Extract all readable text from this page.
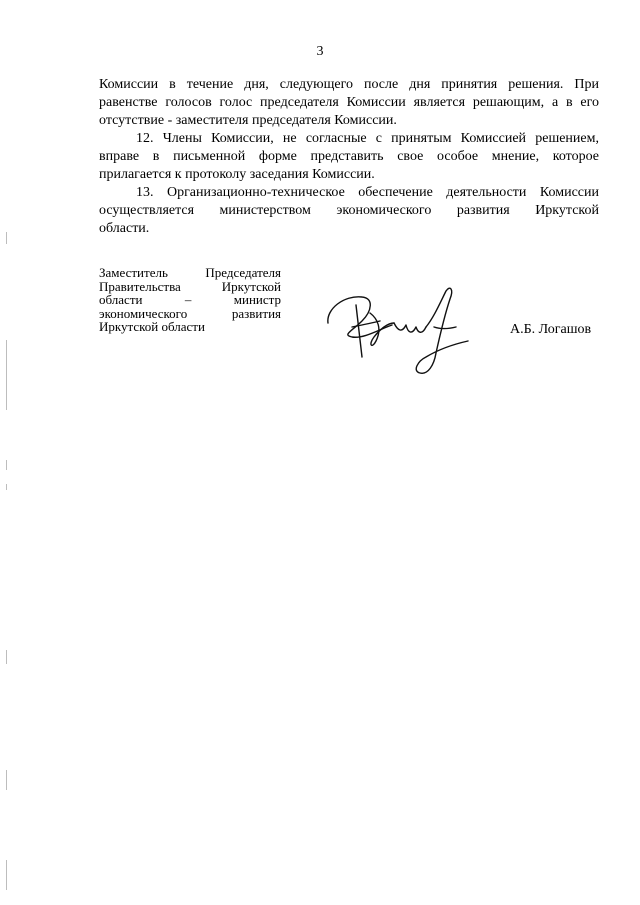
3

Комиссии в течение дня, следующего после дня принятия решения. При
равенстве голосов голос председателя Комиссии является решающим, а в его
отсутствие - заместителя председателя Комиссии.

12. Члены Комиссии, не согласные с принятым Комиссией решением,
вправе в письменной форме представить свое особое мнение, которое
прилагается к протоколу заседания Комиссии.

13. Организационно-техническое обеспечение деятельности Комиссии
осуществляется министерством экономического развития Иркутской
области.

Заместитель Председателя
Правительства Иркутской
области – министр
экономического развития
Иркутской области	А.Б. Логашов
